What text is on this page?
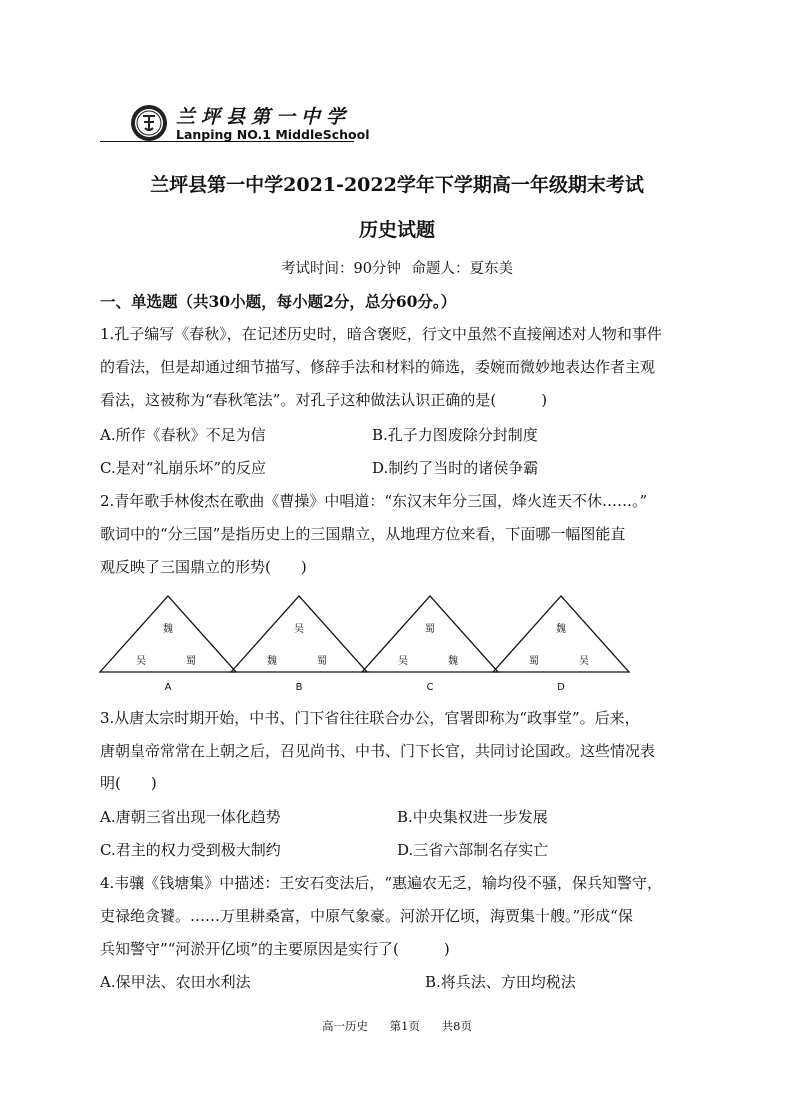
兰坪县第一中学
Lanping NO.1 MiddleSchool
兰坪县第一中学2021-2022学年下学期高一年级期末考试
历史试题
考试时间：90分钟 命题人：夏东美
一、单选题（共30小题，每小题2分，总分60分。）
1.孔子编写《春秋》，在记述历史时，暗含褒贬，行文中虽然不直接阐述对人物和事件
的看法，但是却通过细节描写、修辞手法和材料的筛选，委婉而微妙地表达作者主观
看法，这被称为“春秋笔法”。对孔子这种做法认识正确的是(　　　)
A.所作《春秋》不足为信	B.孔子力图废除分封制度
C.是对“礼崩乐坏”的反应	D.制约了当时的诸侯争霸
2.青年歌手林俊杰在歌曲《曹操》中唱道：“东汉末年分三国，烽火连天不休……。”
歌词中的“分三国”是指历史上的三国鼎立，从地理方位来看，下面哪一幅图能直
观反映了三国鼎立的形势(　　)
魏
吴	蜀
A
吴
魏	蜀
B
蜀
吴	魏
C
魏
蜀	吴
D
3.从唐太宗时期开始，中书、门下省往往联合办公，官署即称为“政事堂”。后来，
唐朝皇帝常常在上朝之后，召见尚书、中书、门下长官，共同讨论国政。这些情况表
明(　　)
A.唐朝三省出现一体化趋势	B.中央集权进一步发展
C.君主的权力受到极大制约	D.三省六部制名存实亡
4.韦骧《钱塘集》中描述：王安石变法后，“惠遍农无乏，输均役不骚，保兵知警守，
吏禄绝贪饕。……万里耕桑富，中原气象豪。河淤开亿顷，海贾集十艘。”形成“保
兵知警守”“河淤开亿顷”的主要原因是实行了(　　　)
A.保甲法、农田水利法	B.将兵法、方田均税法
高一历史 第1页 共8页
